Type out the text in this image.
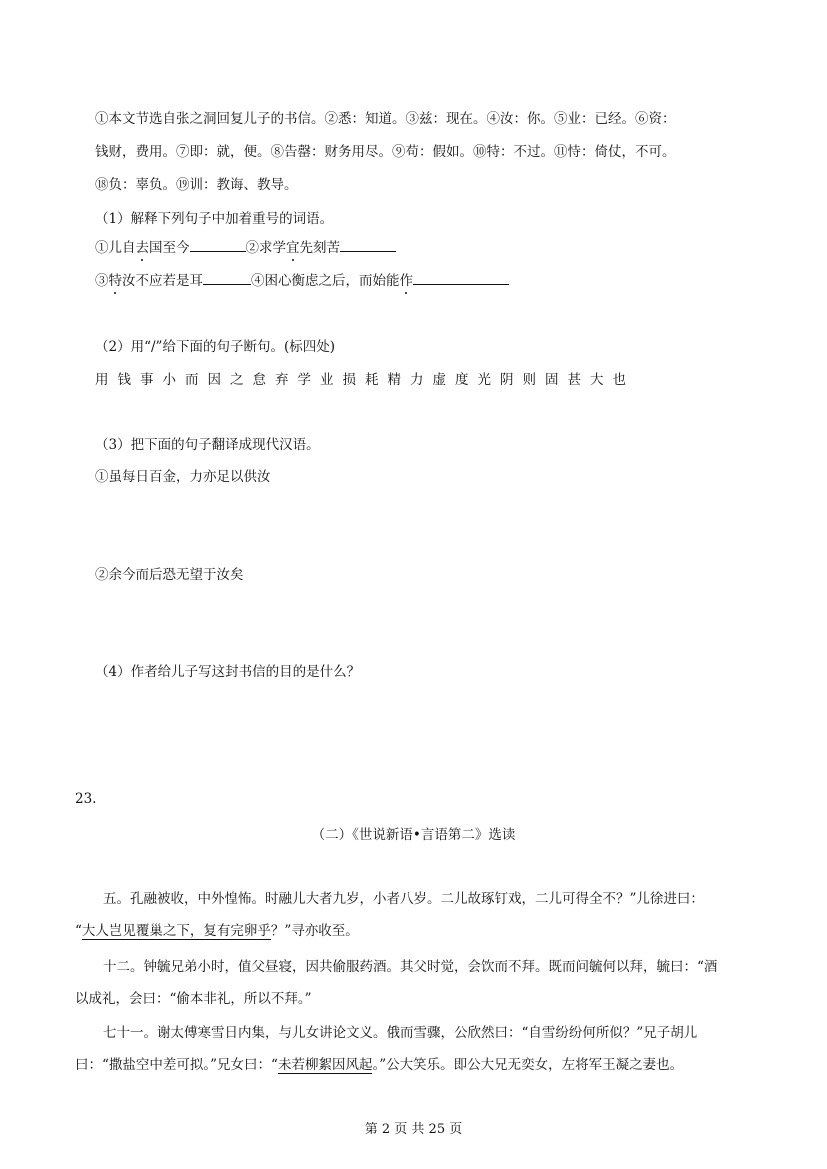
①本文节选自张之洞回复儿子的书信。②悉：知道。③兹：现在。④汝：你。⑤业：已经。⑥资：
钱财，费用。⑦即：就，便。⑧告罄：财务用尽。⑨苟：假如。⑩特：不过。⑪恃：倚仗，不可。
⑱负：辜负。⑲训：教诲、教导。
（1）解释下列句子中加着重号的词语。
①儿自去国至今	②求学宜先刻苦
③特汝不应若是耳	④困心衡虑之后，而始能作
（2）用“/”给下面的句子断句。(标四处)
用钱事小而因之怠弃学业损耗精力虚度光阴则固甚大也
（3）把下面的句子翻译成现代汉语。
①虽每日百金，力亦足以供汝
②余今而后恐无望于汝矣
（4）作者给儿子写这封书信的目的是什么？
23.
（二）《世说新语•言语第二》选读
五。孔融被收，中外惶怖。时融儿大者九岁，小者八岁。二儿故琢钉戏，二儿可得全不？”儿徐进曰：
“大人岂见覆巢之下，复有完卵乎？”寻亦收至。
十二。钟毓兄弟小时，值父昼寝，因共偷服药酒。其父时觉，会饮而不拜。既而问毓何以拜，毓曰：“酒
以成礼，会曰：“偷本非礼，所以不拜。”
七十一。谢太傅寒雪日内集，与儿女讲论文义。俄而雪骤，公欣然曰：“自雪纷纷何所似？”兄子胡儿
曰：“撒盐空中差可拟。”兄女曰：“未若柳絮因风起。”公大笑乐。即公大兄无奕女，左将军王凝之妻也。
第 2 页 共 25 页
